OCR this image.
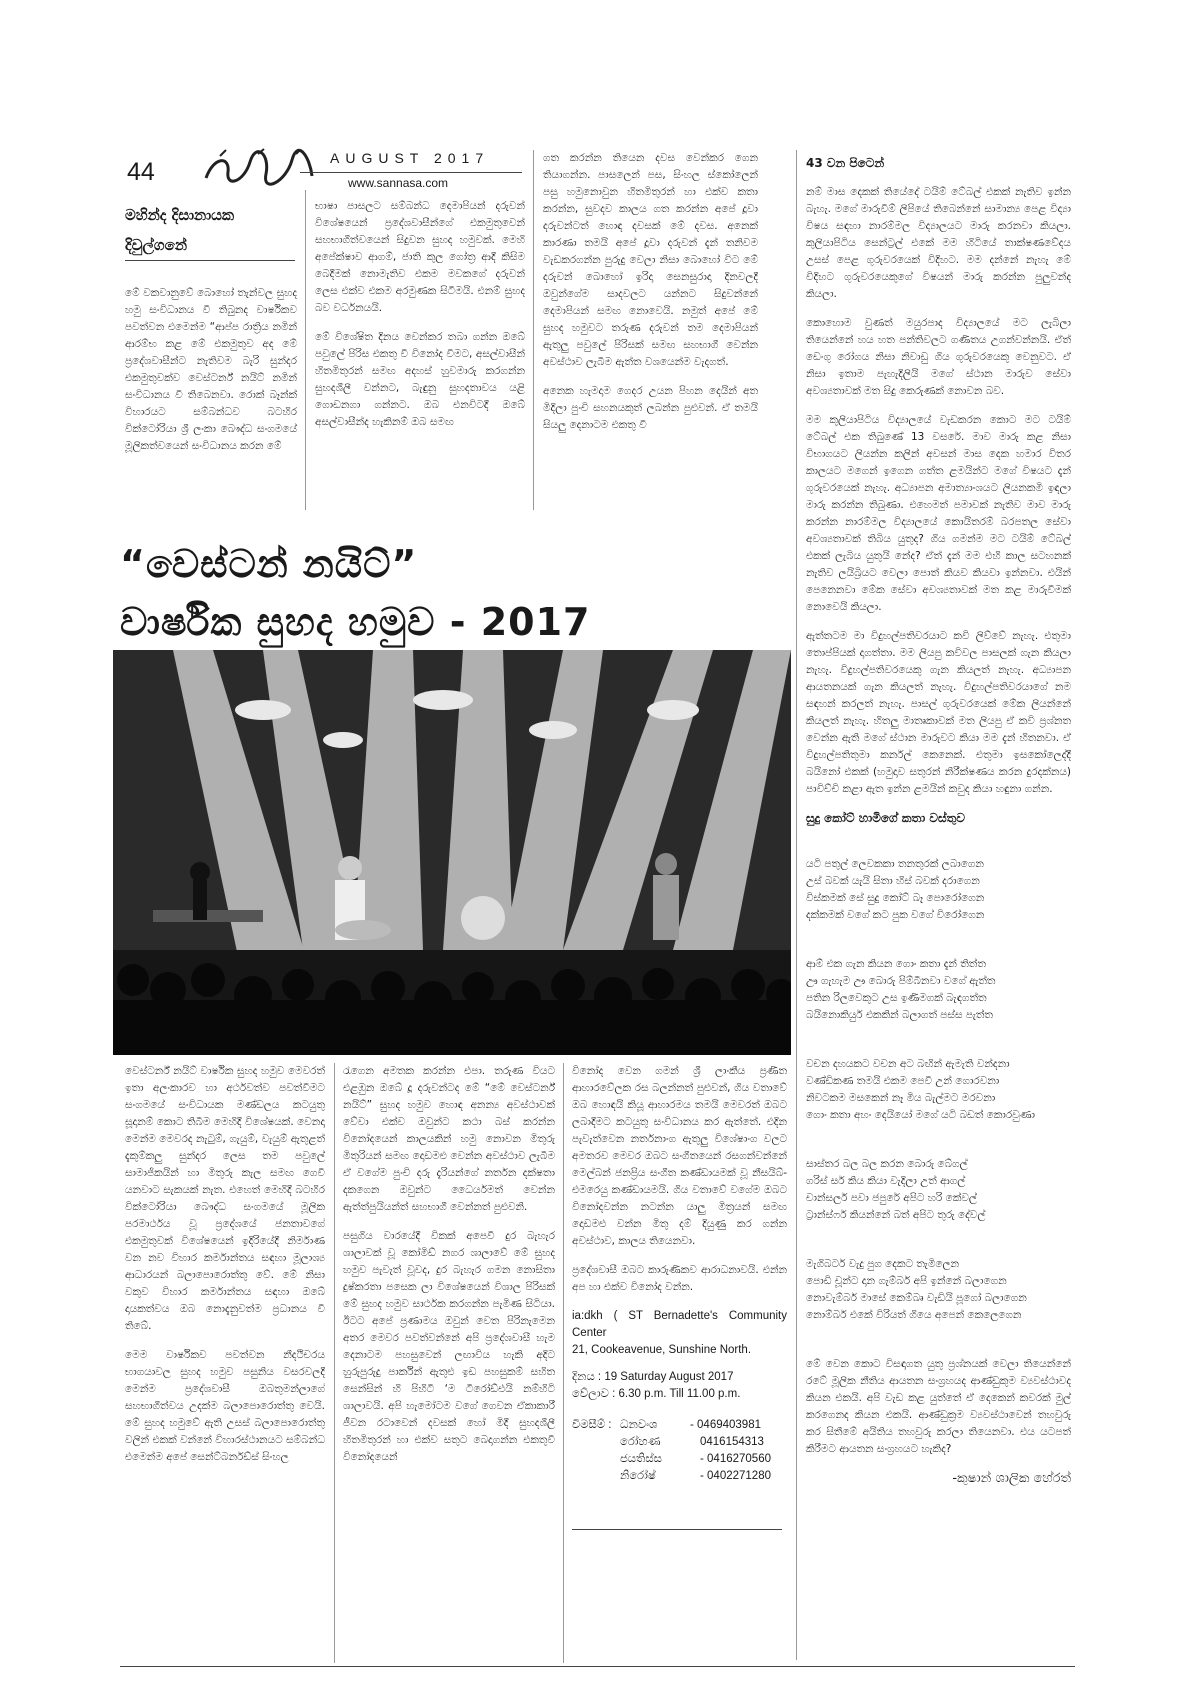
44	AUGUST 2017
www.sannasa.com
මහින්ද දිසානායක
දිවුල්ගනේ

මේ වකවානුවේ බොහෝ තැන්වල සුහද හමු සංවිධානය වී තිබුනද වාර්ෂිකව පවත්වන එමෙන්ම “ආප්ප රාත්‍රිය නමින් ආරම්භ කළ මේ එකමුතුව අද මේ ප්‍රදේශවාසීන්ට නැතිවම බැරි සුන්දර එකමුතුවක්ව වෙස්ටර්න් නයිට් නමින් සංවිධානය වී තිබෙනවා. රොක් බෑන්ක් විහාරයට සම්බන්ධව බටහිර වික්ටෝරියා ශ්‍රී ලංකා බෞද්ධ සංගමයේ මූලිකත්වයෙන් සංවිධානය කරන මේ

භාෂා පාසලට සම්බන්ධ දෙමාපියන් දරුවන් විශේෂයෙන් ප්‍රදේශවාසීන්ගේ එකමුතුවෙන් සහභාගීත්වයෙන් සිදුවන සුහද හමුවක්. මෙහි අපේක්ෂාව ආගම්, ජාති කුල ගෝත්‍ර ආදී කිසිම බෙදීමක් නොමැතිව එකම මවකගේ දරුවන් ලෙස එක්ව එකම අරමුණක සිටීමයි. එනම් සුහද බව වර්ධනයයි.

මේ විශේෂිත දිනය වෙන්කර තබා ගන්න ඔබේ පවුලේ පිරිස එකතු වී විනෝද වීමට, අසල්වාසීන් හිතමිතුරන් සමඟ අදහස් හුවමාරු කරගන්න සුහදශීලී වන්නට, බැඳුනු සුහදතාවය යළි ගොඩනගා ගන්නට. ඔබ එනවිටදී ඔබේ අසල්වාසීන්ද හැකිනම් ඔබ සමඟ

ගත කරන්න තියෙන දවස වෙන්කර ගෙන තියාගන්න. පාසලෙන් පස, සිංහල ස්කෝලෙන් පසු හමුනොවුන හිතමිතුරන් හා එක්ව කතා කරන්න, සුවදව කාලය ගත කරන්න අපේ දූවා දරුවන්ටත් හොඳ දවසක් මේ දවස. අනෙක් කාරණා තමයි අපේ දූවා දරුවන් දැන් තනිවම වැඩකරගන්න පුරුදු වෙලා නිසා බොහෝ විට මේ දරුවන් බොහෝ ඉරිදා සෙනසුරාදා දිනවලදී ඔවුන්ගේම සාදවලට යන්නට සිදුවන්නේ දෙමාපියන් සමඟ නොවෙයි. නමුත් අපේ මේ සුහද හමුවට තරුණ දරුවන් තම දෙමාපියන් ඇතුලු පවුලේ පිරිසක් සමඟ සහභාගී වෙන්න අවස්ථාව ලැබීම ඇත්ත වශයෙන්ම වැදගත්.

අනෙක හැමදාම ගෙදර උයන පිහන දෙයින් අත මිදිලා පුංචි සහනයකුත් ලබන්න පුළුවන්. ඒ තමයි සියලු දෙනාටම එකතු වී

“වෙස්ටන් නයිට්”
වාර්ෂික සුහද හමුව - 2017

වෙස්ටර්න් නයිට් වාර්ෂික සුහද හමුව මෙවරත් ඉතා අලංකාරව හා අර්ථවත්ව පවත්වීමට සංගමයේ සංවිධායක මණ්ඩලය කටයුතු සූදානම් කොට තිබීම මෙහිදී විශේෂයක්. වෙනදා මෙන්ම මෙවරද නැටුම්, ගැයුම්, වැයුම් ඇතුළත් දැකුම්කලු සුන්දර ලෙස තම පවුලේ සාමාජිකයින් හා මිතුරු කැල සමඟ ගෙවී යනවාට සැකයක් නැත. එහෙත් මෙහිදී බටහිර වික්ටෝරියා බෞද්ධ සංගමයේ මූලික පරමාර්ථය වූ ප්‍රදේශයේ ජනතාවගේ එකමුතුවක් විශේෂයෙන් ඉදිරියේදී නිර්මාණ වන නව විහාර කර්මාන්තය සඳහා මූලාශ්‍ය ආධාරයන් බලාපොරොත්තු වේ. මේ නිසා වකුව විහාර කර්මාන්තය සඳහා ඔබේ දායකත්වය ඔබ නොදැනුවත්ම ප්‍රධානය වී තිබේ.

මෙම වාර්ෂිකව පවත්වන නීදථිචරය භාගයාවල සුහද හමුව පසුනිය වසරවලදී මෙන්ම ප්‍රදේශවාසී ඔබතුමන්ලාගේ සහභාගීත්වය උදක්ම බලාපොරොත්තු වෙයි. මේ සුහද හමුවේ ඇති උසස් බලාපොරොත්තු වලින් එකක් වන්නේ විහාරස්ථානයට සම්බන්ධ එමෙන්ම අපේ සෙන්ට්බර්නඩ්ස් සිංහල

රැගෙන අමතක කරන්න එපා. තරුණ වියට එළඹුන ඔබේ දූ දරුවන්ටද මේ “මේ වෙස්ටර්න් නයිට්” සුහද හමුව හොඳ අනන්‍ය අවස්ථාවක් වේවා එක්ව ඔවුන්ට කථා බස් කරන්න විනෝදයෙන් කාලයකින් හමු නොවන මිතුරු මිතුරියන් සමඟ දොඩමළු වෙන්න අවස්ථාව ලැබීම ඒ වගේම පුංචි දරු දැරියන්ගේ නර්තන දක්ෂතා දකගෙන ඔවුන්ට ධෛර්යමත් වෙන්න ඇත්ත්පුයියන්ත් සහභාගී වෙන්නත් පුළුවනි.

පසුගිය වාරයේදී විකක් අපෙවී දුර බැහැර ශාලාවක් වූ කෝමිඩ් නගර ශාලාවේ මේ සුහද හමුව පැවැත් වූවද, දුර බැහැර ගමන නොසිතා දුෂ්කරතා පසෙක ලා විශේෂයෙන් විශාල පිරිසක් මේ සුහද හමුව සාර්ථක කරගන්න පැමිණ සිටියා. ඊටට අපේ ප්‍රණාමය ඔවුන් වෙත පිරිනැමෙන අතර මෙවර පවත්වන්නේ අපි ප්‍රදේශවාසී හැම දෙනාටම පහසුවෙන් ලඟාවිය හැකි අදිට හුරුපුරුදු පාර්කින් ඇතුළු ඉඩ පහසුකම් සහිත සෙන්සින් හි පිහිටී ‘ම ටීරෝඩ්එයි නම්හිටි ශාලාවයි. අපි හැමෝටම වගේ ගෙවන ඒකාකාරී ජීවන රටාවෙන් දවසක් හෝ මිදී සුහදශීලී හිතමිතුරන් හා එක්ව සතුට බෙදාගන්න එකතුවී විනෝදයෙන්

විනෝද වෙන ගමන් ශ්‍රී ලාංකීය ප්‍රණීත ආහාරවේලක රස බලන්නත් පුළුවන්, ගිය වතාවේ ඔබ හොඳයි කියූ ආහාරමය තමයි මෙවරත් ඔබට ලබාදීමට කටයුතු සංවිධානය කර ඇත්තේ. එදින පැවැත්වෙන නර්තනාංග ඇතුලු විශේෂාංග වලට අමතරව මෙවර ඔබට සංගීතයෙන් රසගන්වන්නේ මෙල්බන් ජනප්‍රිය සංගීත කණ්ඩායමක් වූ නීසයිබ්-එමරෙයු කණ්ඩායමයි. ගිය වතාවේ වගේම ඔබට විනෝදවන්න නටන්න යාලු මිත්‍රයන් සමඟ දොඩමළු වන්න මිතු දම් දියුණු කර ගන්න අවස්ථාව, කාලය තියෙනවා.

ප්‍රදේශවාසී ඔබට කාරුණිකව ආරාධනාවයි. එන්න අප හා එක්ව විනෝද වන්න.

ia:dkh ( ST Bernadette's Community Center
21, Cookeavenue, Sunshine North.
දිනය : 19 Saturday August 2017
වේලාව : 6.30 p.m. Till 11.00 p.m.
විමසීම් : ධනවංශ	- 0469403981
රෝහණ	0416154313
ජයතිස්ස	- 0416270560
නිරෝෂ්	- 0402271280
43 වන පිටෙන්

නම් මාස දෙකක් තියේදේ ටයිම් ටේබල් එකක් නැතිව ඉන්න බැහැ. මගේ මාරුවීම් ලිපියේ තිබෙන්නේ සාමාන්‍ය පෙළ විද්‍යා විෂය සඳහා නාරම්මල විද්‍යාලයට මාරු කරනවා කියලා. කුලියාපිටිය සෙන්ට්‍රල් එකේ මම හිටියේ තාක්ෂණවේදය උසස් පෙළ ගුරුවරයෙක් විදිහට. මම දන්නේ නැහැ මේ විදිහට ගුරුවරයෙකුගේ විෂයන් මාරු කරන්න පුලුවන්ද කියලා.

කොහොම වුණත් මයුරපාද විද්‍යාලයේ මට ලැබිලා තියෙන්නේ හය හත පන්තිවලට ගණිතය උගන්වන්නයි. ඒත් ඩෙංගු රෝගය නිසා නිවාඩු ගිය ගුරුවරයෙකු වෙනුවට. ඒ නිසා ඉතාම පැහැදිලියි මගේ ස්ථාන මාරුව සේවා අවශ්‍යතාවක් මත සිදු කෙරුණක් නොවන බව.

මම කුලියාපිටිය විද්‍යාලයේ වැඩකරන කොට මට ටයිම් ටේබල් එක තිබුණේ 13 වසරේ. මාව මාරු කළ නිසා විභාගයට ලියන්න කලින් අවසන් මාස දෙක හමාර විතර කාලයට මගෙන් ඉගෙන ගත්ත ළමයින්ට මගේ විෂයට දැන් ගුරුවරයෙක් නැහැ. අධ්‍යාපන අමාත්‍යාංශයට ලියනකමි ඉඳලා මාරු කරන්න තිබුණා. එහෙමත් පමාවක් නැතිව මාව මාරු කරන්න නාරම්මල විද්‍යාලයේ කොයිතරම් බරපතල සේවා අවශ්‍යතාවක් තිබිය යුතුද? ගිය ගමන්ම මට ටයිම් ටේබල් එකක් ලැබිය යුතුයි නේද? ඒත් දැන් මම එහි කාල සටහනක් නැතිව ලයිබ්‍රියට වෙලා පොත් කියව කියවා ඉන්නවා. එයින් පෙනෙනවා මේක සේවා අවශ්‍යතාවක් මත කළ මාරුවීමක් නොවෙයි කියලා.

ඇත්තටම මා විදුහල්පතිවරයාට කවි ලිව්වේ නැහැ. එතුමා තොප්පියක් දාගත්තා. මම ලියපු කවිවල පාසලක් ගැන කියලා නැහැ. විදුහල්පතිවරයෙකු ගැන කියලත් නැහැ. අධ්‍යාපන ආයතනයක් ගැන කියලත් නැහැ. විදුහල්පතිවරයාගේ නම සඳහන් කරලත් නැහැ. පාසල් ගුරුවරයෙක් මේක ලියන්නේ කියලත් නැහැ. හිතලු මාතෘකාවක් මත ලියපු ඒ කවි ප්‍රශ්නත වෙන්න ඇති මගේ ස්ථාන මාරුවට කියා මම දැන් හිතනවා. ඒ විදුහල්පතිතුමා කර්නල් කෙනෙක්. එතුමා ඉසකෝලෙද්දී බයිනෝ එකක් (හමුදාව සතුරන් නිරීක්ෂණය කරන දුරදක්නය) පාවිච්චි කළා ඇත ඉන්න ළමයින් කවුද කියා හඳුනා ගන්න.

සුදු කෝට් හාමිගේ කතා වස්තුව

යටි පතුල් ලෙවකකා තනතුරක් ලබාගෙන
උස් බවක් යැයි සිතා හිස් බවක් දරාගෙන
විස්කමක් සේ සුදු කෝට් බෑ පොරෝගෙන
දක්කමක් වගේ කට පුක වගේ විරෝගෙන

ආම් එක ගැන කියන ගොං කතා දැන් තිත්ත
ඌ ගැහැම ඌ බොරු පිම්බීනවා වගේ ඇත්ත
පතින රිලවෙකුට උස ඉණිමගක් බැඳගත්ත
බයිනොකියුර් එකකින් බලාගත් පස්ස පැත්ත

වචන දහයකට වචන අට බඟින් ඇමැති වන්දනා
වණ්ඩිකණ තමයි එකම පෙවී උන් ගොරවනා
නිවටකම මසකෙන් නෑ මිය බැල්මට මරවනා
ගොං කතා අහං දෙයියෝ මගේ යටි බඩත් කොරවුණා

සාස්තර බල බල කරන බොරු බේගල්
ගරිස් සර් කිය කියා වැදිලා උත් ආගල්
චාන්සලර් පවා ජපුරේ අපිට හරි කේවල්
ට්‍රාන්ස්ෆර් කියන්නේ බත් අපිට තුරු දේවල්

මැගිබර්ට වැදු පුග දෙකට තැමිලෙන
පොඩි චූන්ට දාන ගැම්බර් අපි ඉන්නේ බලාගෙන
නොවැම්බර් මාසේ කෙම්බ්‍රු වැඩියි පූගෝ බලාගෙන
නොම්බර් එකේ විරියත් ගියෙ අපෙන් කෙලෙගෙන

මේ වෙන කොට විසඳාගත යුතු ප්‍රශ්නයක් වෙලා තියෙන්නේ රටේ මූලික නීතිය ආයතන සංග්‍රහයද ආණ්ඩුකුම ව්‍යවස්ථාවද කියන එකයි. අපි වැඩ කළ යුත්තේ ඒ දෙකෙන් කවරක් මුල් කරගෙනද කියන එකයි. ආණ්ඩුක්‍රම ව්‍යවස්ථාවෙන් තහවුරු කර සිතීමේ අයිතිය තහවුරු කරලා තියෙනවා. එය යටපත් කිරීමට ආයතන සංග්‍රහයට හැකිද?

-කුෂාන් ශාලික හේරත්
